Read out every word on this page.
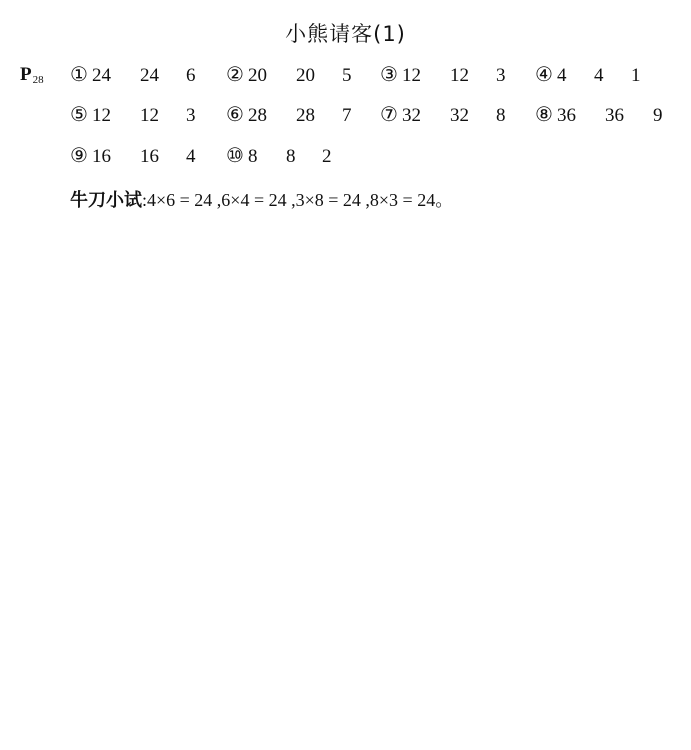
小熊请客(1)
$P_{28}$ ① 24 24 6	② 20 20 5	③ 12 12 3	④ 4 4 1
⑤ 12 12 3	⑥ 28 28 7	⑦ 32 32 8	⑧ 36 36 9
⑨ 16 16 4	⑩ 8 8 2
牛刀小试:4×6 = 24 ,6×4 = 24 ,3×8 = 24 ,8×3 = 24。
